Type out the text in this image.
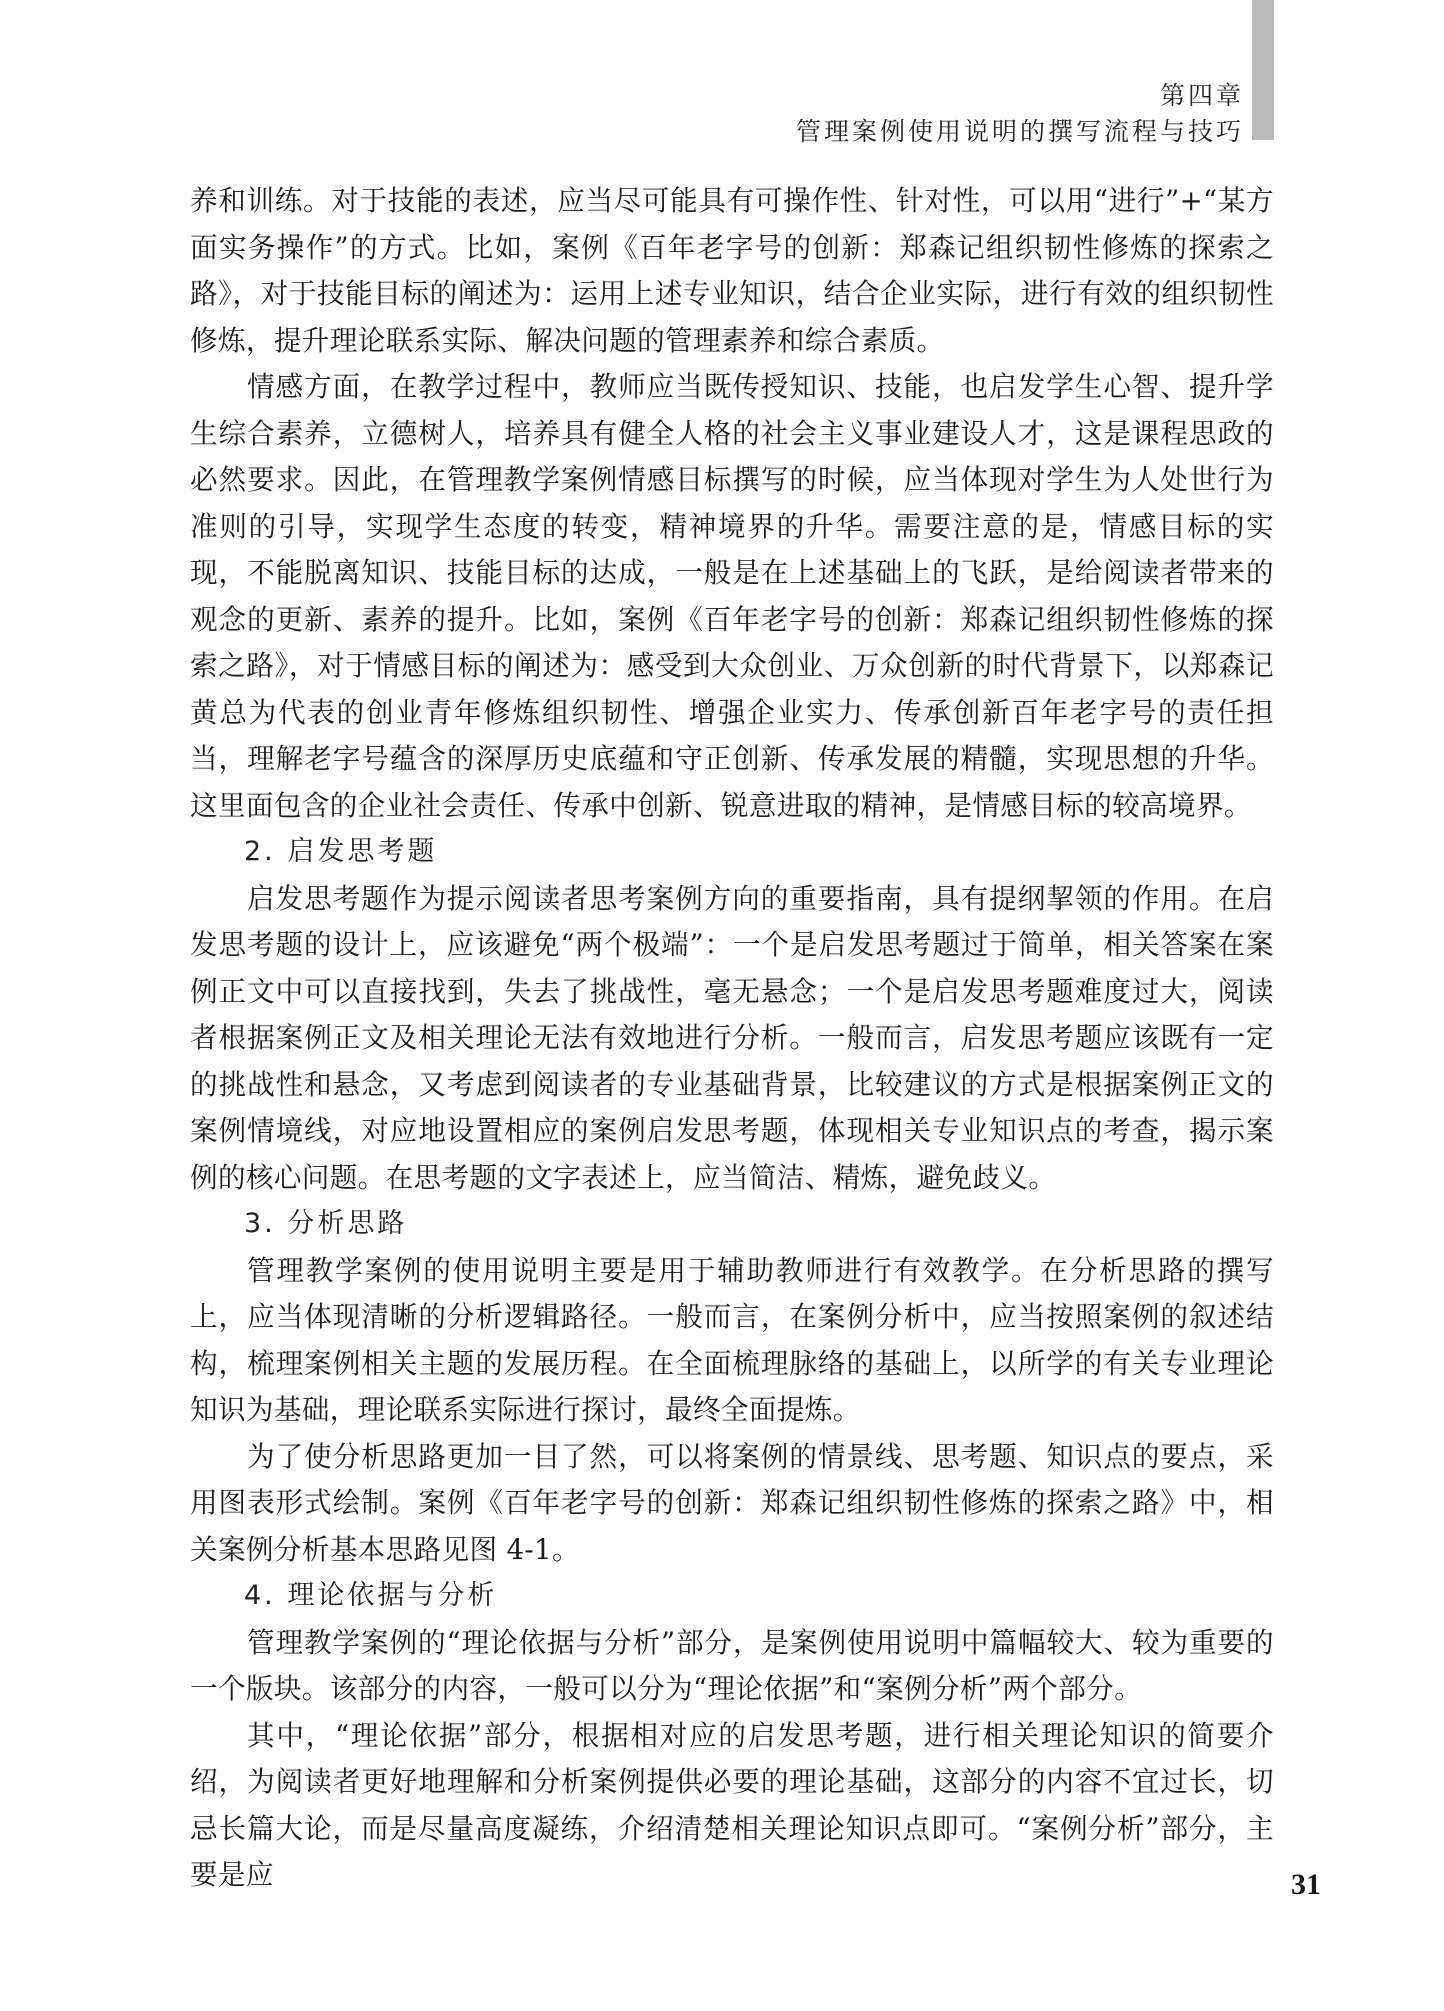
第四章
管理案例使用说明的撰写流程与技巧

养和训练。对于技能的表述，应当尽可能具有可操作性、针对性，可以用“进行”+“某方面实务操作”的方式。比如，案例《百年老字号的创新：郑森记组织韧性修炼的探索之路》，对于技能目标的阐述为：运用上述专业知识，结合企业实际，进行有效的组织韧性修炼，提升理论联系实际、解决问题的管理素养和综合素质。

情感方面，在教学过程中，教师应当既传授知识、技能，也启发学生心智、提升学生综合素养，立德树人，培养具有健全人格的社会主义事业建设人才，这是课程思政的必然要求。因此，在管理教学案例情感目标撰写的时候，应当体现对学生为人处世行为准则的引导，实现学生态度的转变，精神境界的升华。需要注意的是，情感目标的实现，不能脱离知识、技能目标的达成，一般是在上述基础上的飞跃，是给阅读者带来的观念的更新、素养的提升。比如，案例《百年老字号的创新：郑森记组织韧性修炼的探索之路》，对于情感目标的阐述为：感受到大众创业、万众创新的时代背景下，以郑森记黄总为代表的创业青年修炼组织韧性、增强企业实力、传承创新百年老字号的责任担当，理解老字号蕴含的深厚历史底蕴和守正创新、传承发展的精髓，实现思想的升华。这里面包含的企业社会责任、传承中创新、锐意进取的精神，是情感目标的较高境界。

2. 启发思考题

启发思考题作为提示阅读者思考案例方向的重要指南，具有提纲挈领的作用。在启发思考题的设计上，应该避免“两个极端”：一个是启发思考题过于简单，相关答案在案例正文中可以直接找到，失去了挑战性，毫无悬念；一个是启发思考题难度过大，阅读者根据案例正文及相关理论无法有效地进行分析。一般而言，启发思考题应该既有一定的挑战性和悬念，又考虑到阅读者的专业基础背景，比较建议的方式是根据案例正文的案例情境线，对应地设置相应的案例启发思考题，体现相关专业知识点的考查，揭示案例的核心问题。在思考题的文字表述上，应当简洁、精炼，避免歧义。

3. 分析思路

管理教学案例的使用说明主要是用于辅助教师进行有效教学。在分析思路的撰写上，应当体现清晰的分析逻辑路径。一般而言，在案例分析中，应当按照案例的叙述结构，梳理案例相关主题的发展历程。在全面梳理脉络的基础上，以所学的有关专业理论知识为基础，理论联系实际进行探讨，最终全面提炼。

为了使分析思路更加一目了然，可以将案例的情景线、思考题、知识点的要点，采用图表形式绘制。案例《百年老字号的创新：郑森记组织韧性修炼的探索之路》中，相关案例分析基本思路见图 4-1。

4. 理论依据与分析

管理教学案例的“理论依据与分析”部分，是案例使用说明中篇幅较大、较为重要的一个版块。该部分的内容，一般可以分为“理论依据”和“案例分析”两个部分。

其中，“理论依据”部分，根据相对应的启发思考题，进行相关理论知识的简要介绍，为阅读者更好地理解和分析案例提供必要的理论基础，这部分的内容不宜过长，切忌长篇大论，而是尽量高度凝练，介绍清楚相关理论知识点即可。“案例分析”部分，主要是应	31
